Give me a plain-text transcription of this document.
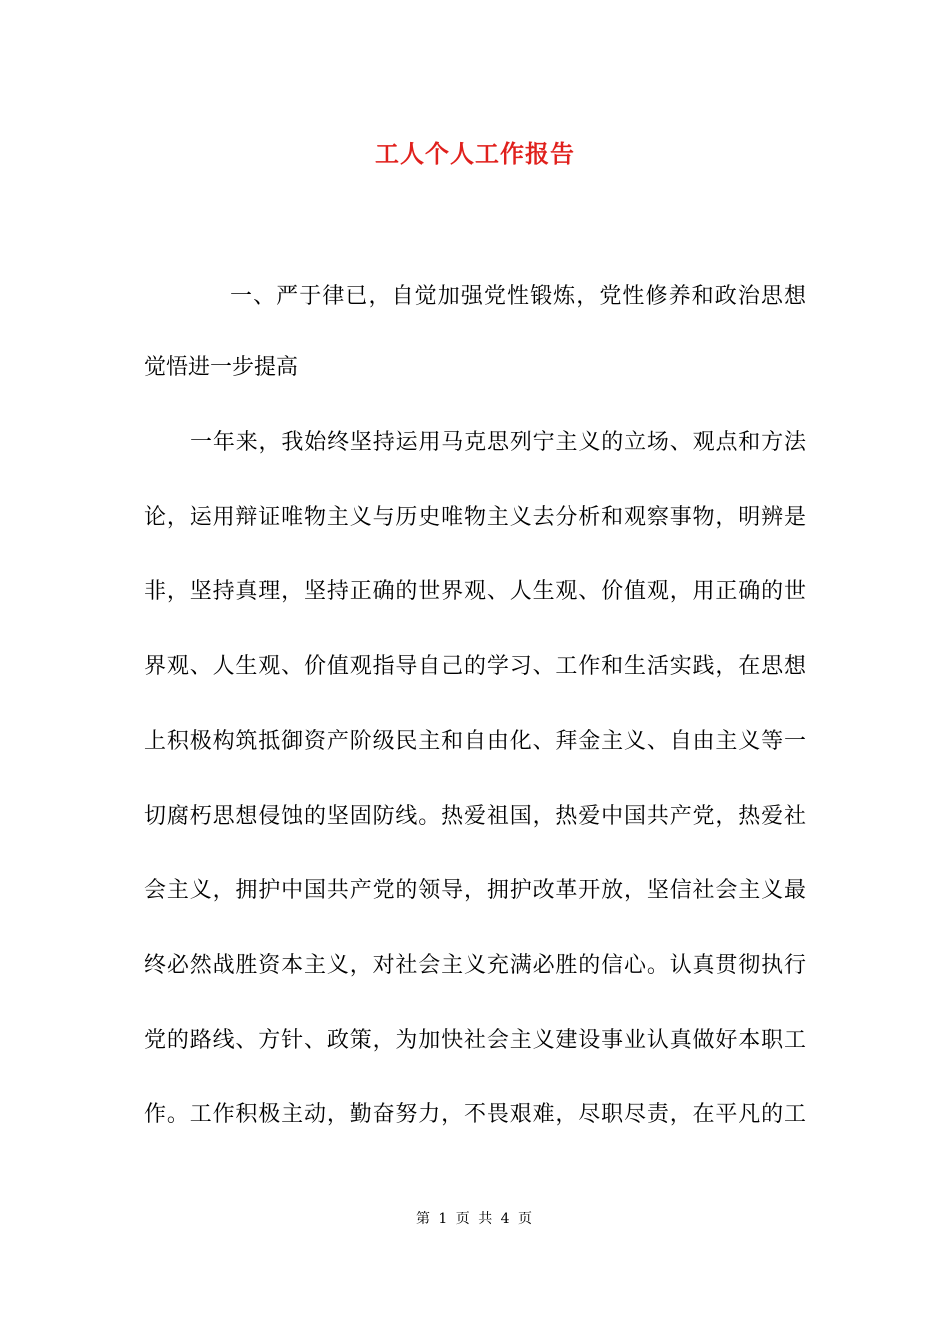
工人个人工作报告
一、严于律已，自觉加强党性锻炼，党性修养和政治思想
觉悟进一步提高
一年来，我始终坚持运用马克思列宁主义的立场、观点和方法
论，运用辩证唯物主义与历史唯物主义去分析和观察事物，明辨是
非，坚持真理，坚持正确的世界观、人生观、价值观，用正确的世
界观、人生观、价值观指导自己的学习、工作和生活实践，在思想
上积极构筑抵御资产阶级民主和自由化、拜金主义、自由主义等一
切腐朽思想侵蚀的坚固防线。热爱祖国，热爱中国共产党，热爱社
会主义，拥护中国共产党的领导，拥护改革开放，坚信社会主义最
终必然战胜资本主义，对社会主义充满必胜的信心。认真贯彻执行
党的路线、方针、政策，为加快社会主义建设事业认真做好本职工
作。工作积极主动，勤奋努力，不畏艰难，尽职尽责，在平凡的工
第 1 页 共 4 页
